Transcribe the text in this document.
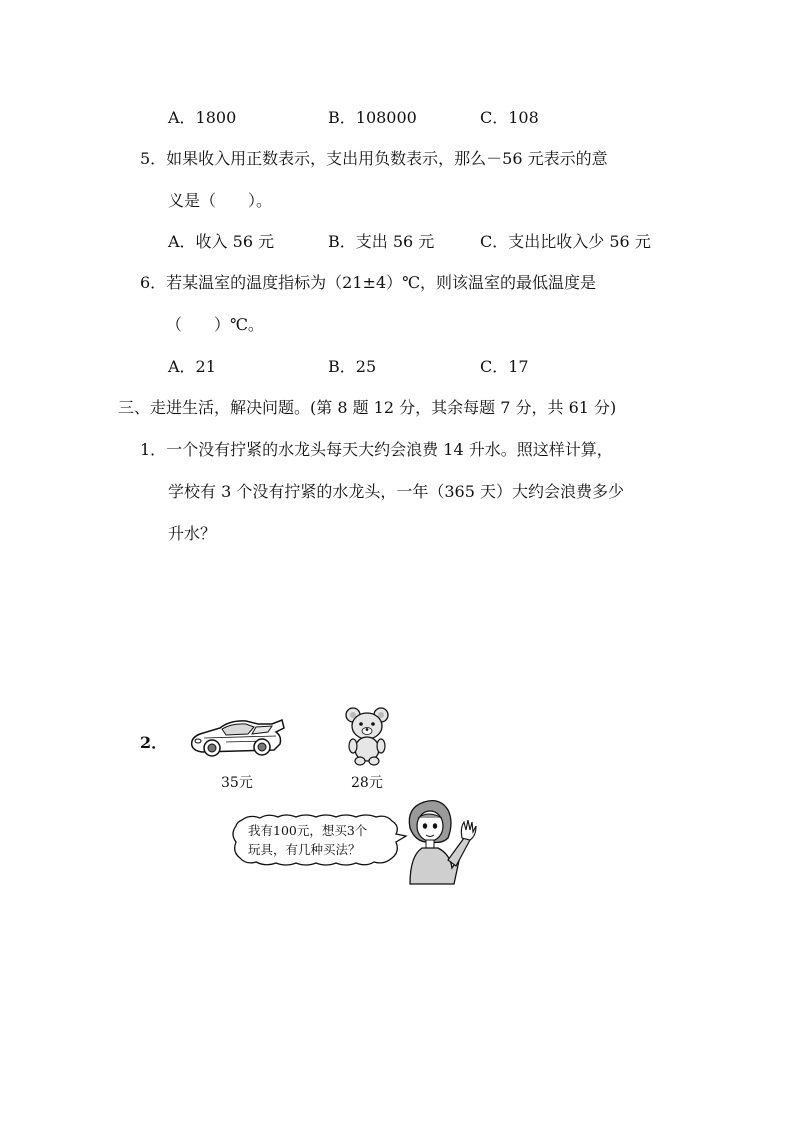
A．1800	B．108000	C．108
5．如果收入用正数表示，支出用负数表示，那么－56 元表示的意
义是（　　）。
A．收入 56 元	B．支出 56 元	C．支出比收入少 56 元
6．若某温室的温度指标为（21±4）℃，则该温室的最低温度是
（　　）℃。
A．21	B．25	C．17
三、走进生活，解决问题。(第 8 题 12 分，其余每题 7 分，共 61 分)
1．一个没有拧紧的水龙头每天大约会浪费 14 升水。照这样计算，
学校有 3 个没有拧紧的水龙头，一年（365 天）大约会浪费多少
升水？
2．
35元	28元
我有100元，想买3个
玩具，有几种买法？
